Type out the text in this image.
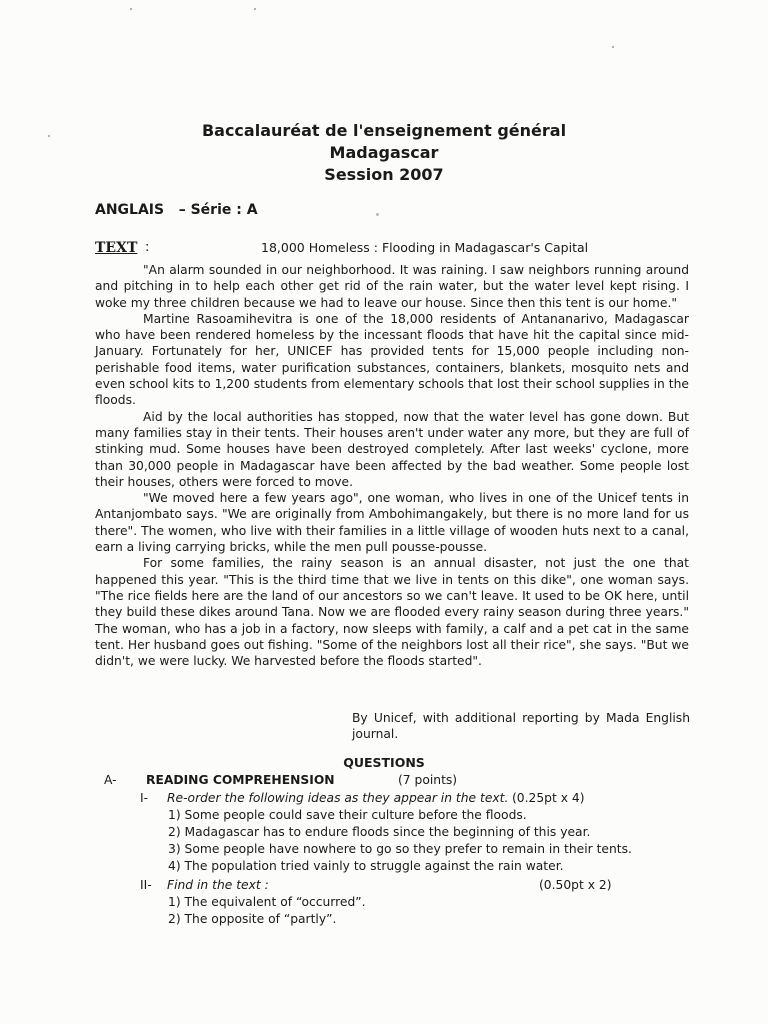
Baccalauréat de l'enseignement général
Madagascar
Session 2007
ANGLAIS   – Série : A
TEXT :	18,000 Homeless : Flooding in Madagascar's Capital

"An alarm sounded in our neighborhood. It was raining. I saw neighbors running around and pitching in to help each other get rid of the rain water, but the water level kept rising. I woke my three children because we had to leave our house. Since then this tent is our home."

Martine Rasoamihevitra is one of the 18,000 residents of Antananarivo, Madagascar who have been rendered homeless by the incessant floods that have hit the capital since mid-January. Fortunately for her, UNICEF has provided tents for 15,000 people including non-perishable food items, water purification substances, containers, blankets, mosquito nets and even school kits to 1,200 students from elementary schools that lost their school supplies in the floods.

Aid by the local authorities has stopped, now that the water level has gone down. But many families stay in their tents. Their houses aren't under water any more, but they are full of stinking mud. Some houses have been destroyed completely. After last weeks' cyclone, more than 30,000 people in Madagascar have been affected by the bad weather. Some people lost their houses, others were forced to move.

"We moved here a few years ago", one woman, who lives in one of the Unicef tents in Antanjombato says. "We are originally from Ambohimangakely, but there is no more land for us there". The women, who live with their families in a little village of wooden huts next to a canal, earn a living carrying bricks, while the men pull pousse-pousse.

For some families, the rainy season is an annual disaster, not just the one that happened this year. "This is the third time that we live in tents on this dike", one woman says. "The rice fields here are the land of our ancestors so we can't leave. It used to be OK here, until they build these dikes around Tana. Now we are flooded every rainy season during three years." The woman, who has a job in a factory, now sleeps with family, a calf and a pet cat in the same tent. Her husband goes out fishing. "Some of the neighbors lost all their rice", she says. "But we didn't, we were lucky. We harvested before the floods started".

By Unicef, with additional reporting by Mada English journal.
QUESTIONS
A- READING COMPREHENSION	(7 points)
I- Re-order the following ideas as they appear in the text. (0.25pt x 4)
1) Some people could save their culture before the floods.
2) Madagascar has to endure floods since the beginning of this year.
3) Some people have nowhere to go so they prefer to remain in their tents.
4) The population tried vainly to struggle against the rain water.
II- Find in the text :	(0.50pt x 2)
1) The equivalent of “occurred”.
2) The opposite of “partly”.
